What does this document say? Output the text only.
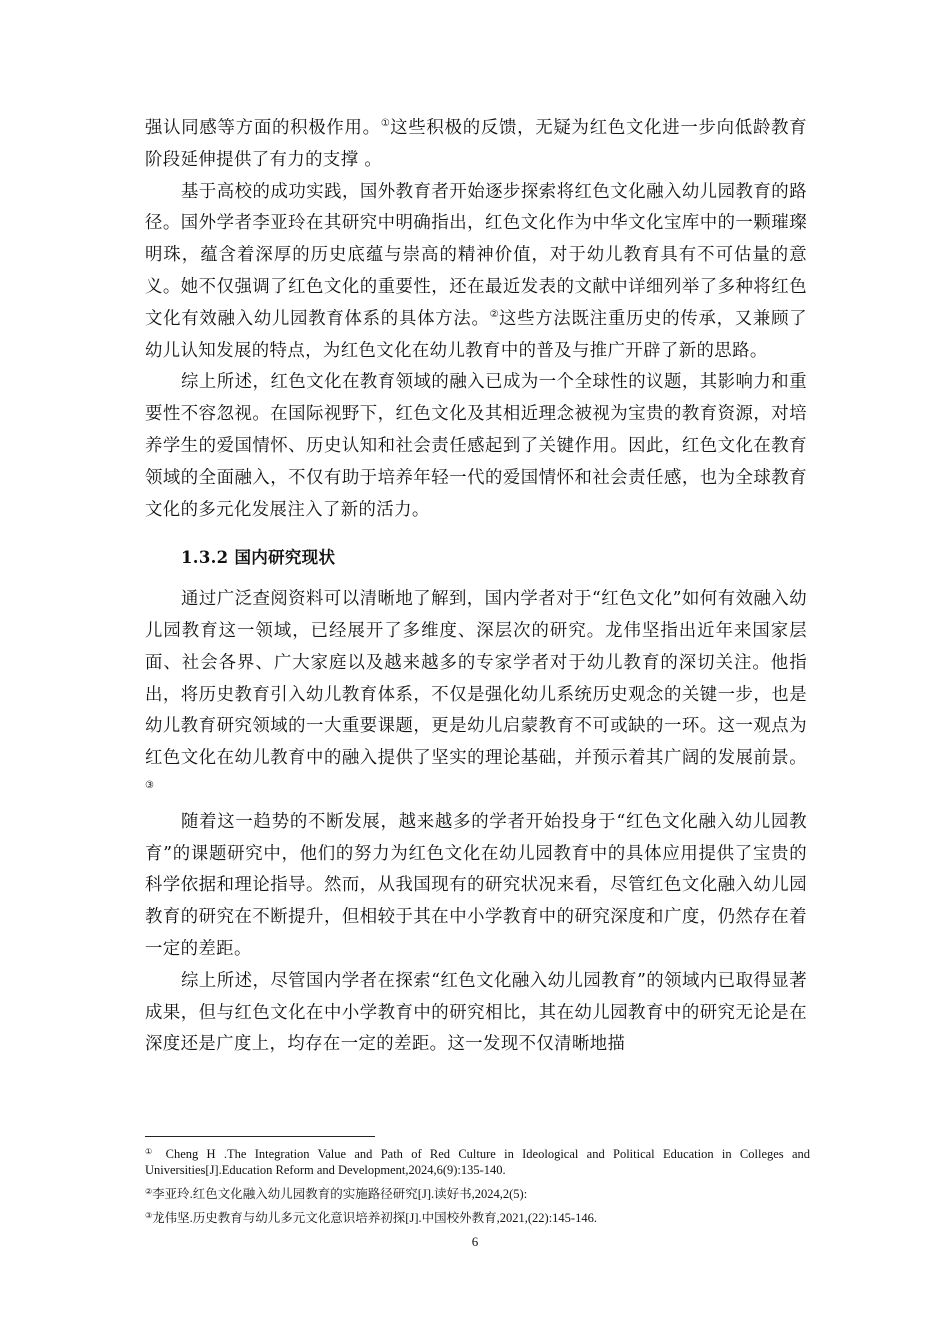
强认同感等方面的积极作用。①这些积极的反馈，无疑为红色文化进一步向低龄教育阶段延伸提供了有力的支撑 。

基于高校的成功实践，国外教育者开始逐步探索将红色文化融入幼儿园教育的路径。国外学者李亚玲在其研究中明确指出，红色文化作为中华文化宝库中的一颗璀璨明珠，蕴含着深厚的历史底蕴与崇高的精神价值，对于幼儿教育具有不可估量的意义。她不仅强调了红色文化的重要性，还在最近发表的文献中详细列举了多种将红色文化有效融入幼儿园教育体系的具体方法。②这些方法既注重历史的传承，又兼顾了幼儿认知发展的特点，为红色文化在幼儿教育中的普及与推广开辟了新的思路。

综上所述，红色文化在教育领域的融入已成为一个全球性的议题，其影响力和重要性不容忽视。在国际视野下，红色文化及其相近理念被视为宝贵的教育资源，对培养学生的爱国情怀、历史认知和社会责任感起到了关键作用。因此，红色文化在教育领域的全面融入，不仅有助于培养年轻一代的爱国情怀和社会责任感，也为全球教育文化的多元化发展注入了新的活力。

1.3.2 国内研究现状

通过广泛查阅资料可以清晰地了解到，国内学者对于“红色文化”如何有效融入幼儿园教育这一领域，已经展开了多维度、深层次的研究。龙伟坚指出近年来国家层面、社会各界、广大家庭以及越来越多的专家学者对于幼儿教育的深切关注。他指出，将历史教育引入幼儿教育体系，不仅是强化幼儿系统历史观念的关键一步，也是幼儿教育研究领域的一大重要课题，更是幼儿启蒙教育不可或缺的一环。这一观点为红色文化在幼儿教育中的融入提供了坚实的理论基础，并预示着其广阔的发展前景。③

随着这一趋势的不断发展，越来越多的学者开始投身于“红色文化融入幼儿园教育”的课题研究中，他们的努力为红色文化在幼儿园教育中的具体应用提供了宝贵的科学依据和理论指导。然而，从我国现有的研究状况来看，尽管红色文化融入幼儿园教育的研究在不断提升，但相较于其在中小学教育中的研究深度和广度，仍然存在着一定的差距。

综上所述，尽管国内学者在探索“红色文化融入幼儿园教育”的领域内已取得显著成果，但与红色文化在中小学教育中的研究相比，其在幼儿园教育中的研究无论是在深度还是广度上，均存在一定的差距。这一发现不仅清晰地描

① Cheng H .The Integration Value and Path of Red Culture in Ideological and Political Education in Colleges and Universities[J].Education Reform and Development,2024,6(9):135-140.

②李亚玲.红色文化融入幼儿园教育的实施路径研究[J].读好书,2024,2(5):

③龙伟坚.历史教育与幼儿多元文化意识培养初探[J].中国校外教育,2021,(22):145-146.

6
